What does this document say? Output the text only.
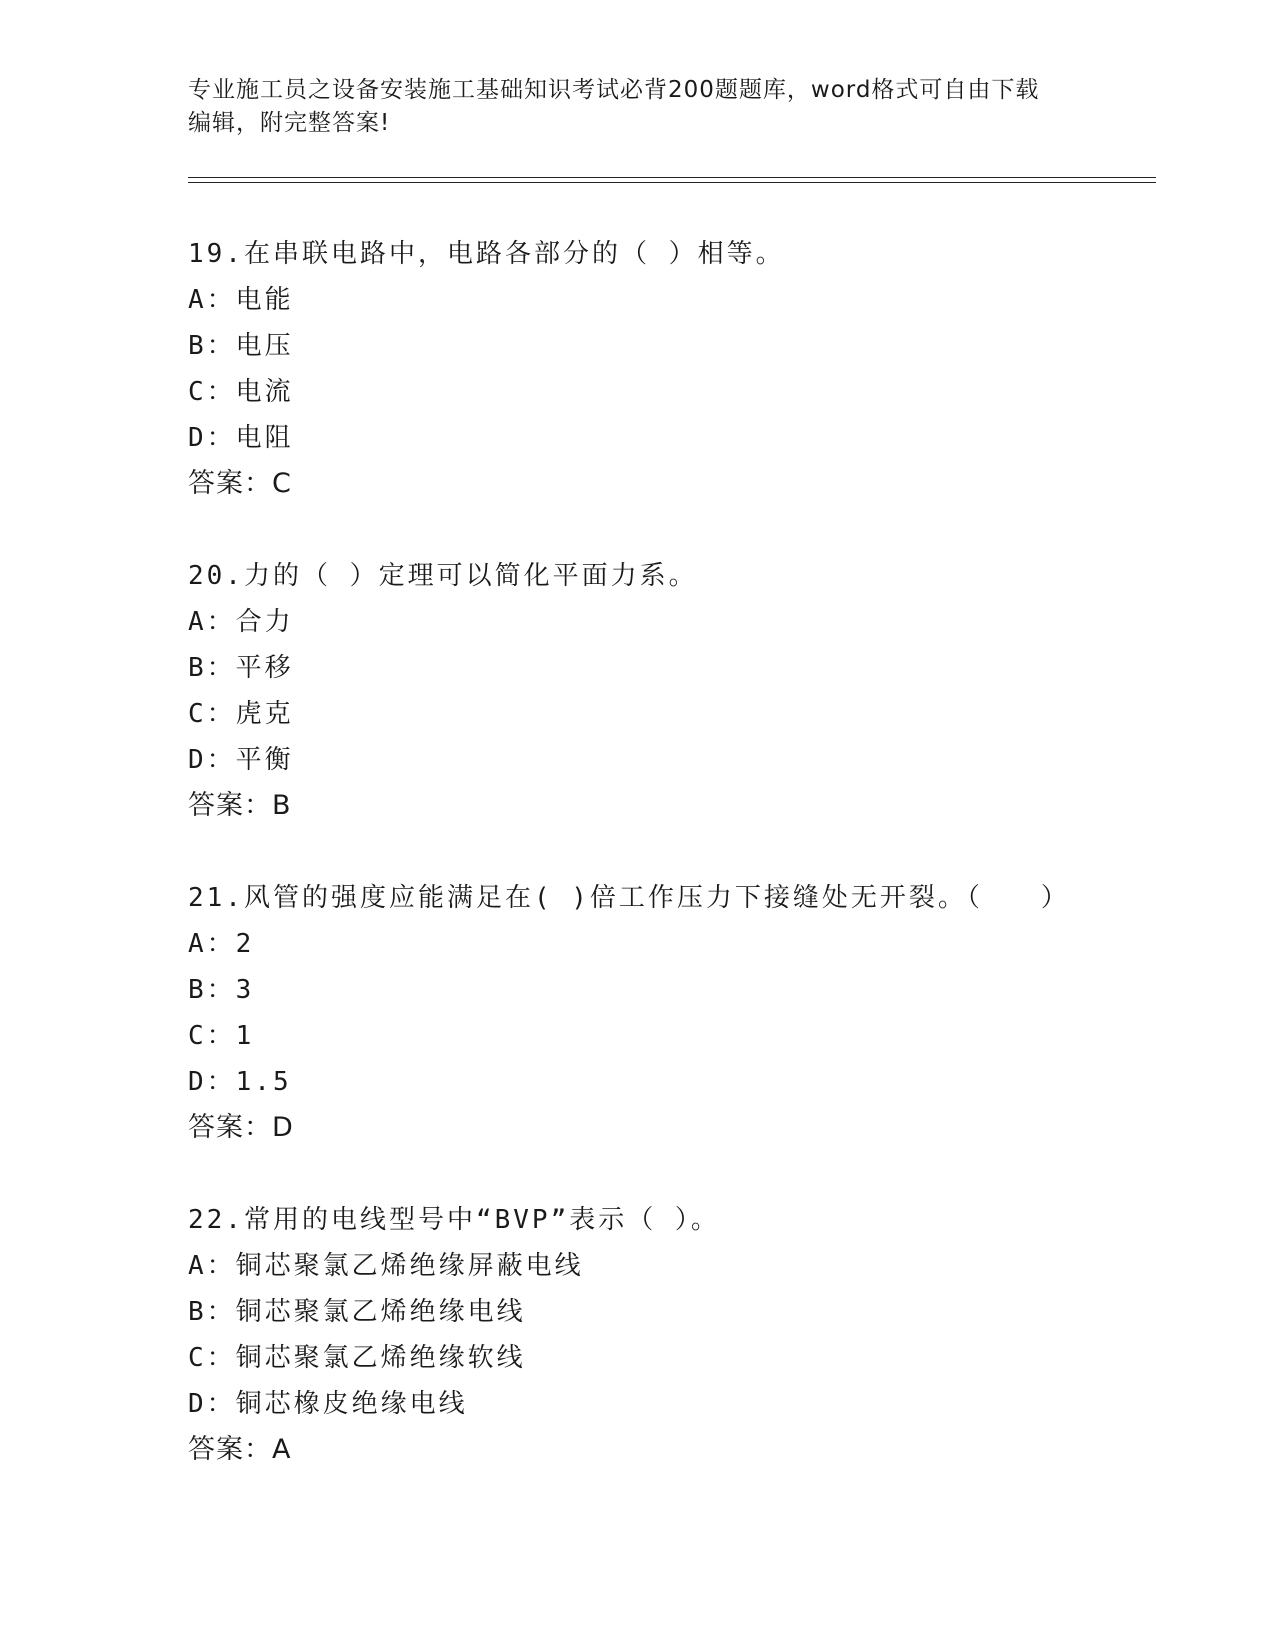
专业施工员之设备安装施工基础知识考试必背200题题库，word格式可自由下载
编辑，附完整答案!
19.在串联电路中，电路各部分的（ ）相等。
A：电能
B：电压
C：电流
D：电阻
答案：C
20.力的（ ）定理可以简化平面力系。
A：合力
B：平移
C：虎克
D：平衡
答案：B
21.风管的强度应能满足在( )倍工作压力下接缝处无开裂。（　　）
A：2
B：3
C：1
D：1.5
答案：D
22.常用的电线型号中“BVP”表示（ ）。
A：铜芯聚氯乙烯绝缘屏蔽电线
B：铜芯聚氯乙烯绝缘电线
C：铜芯聚氯乙烯绝缘软线
D：铜芯橡皮绝缘电线
答案：A
